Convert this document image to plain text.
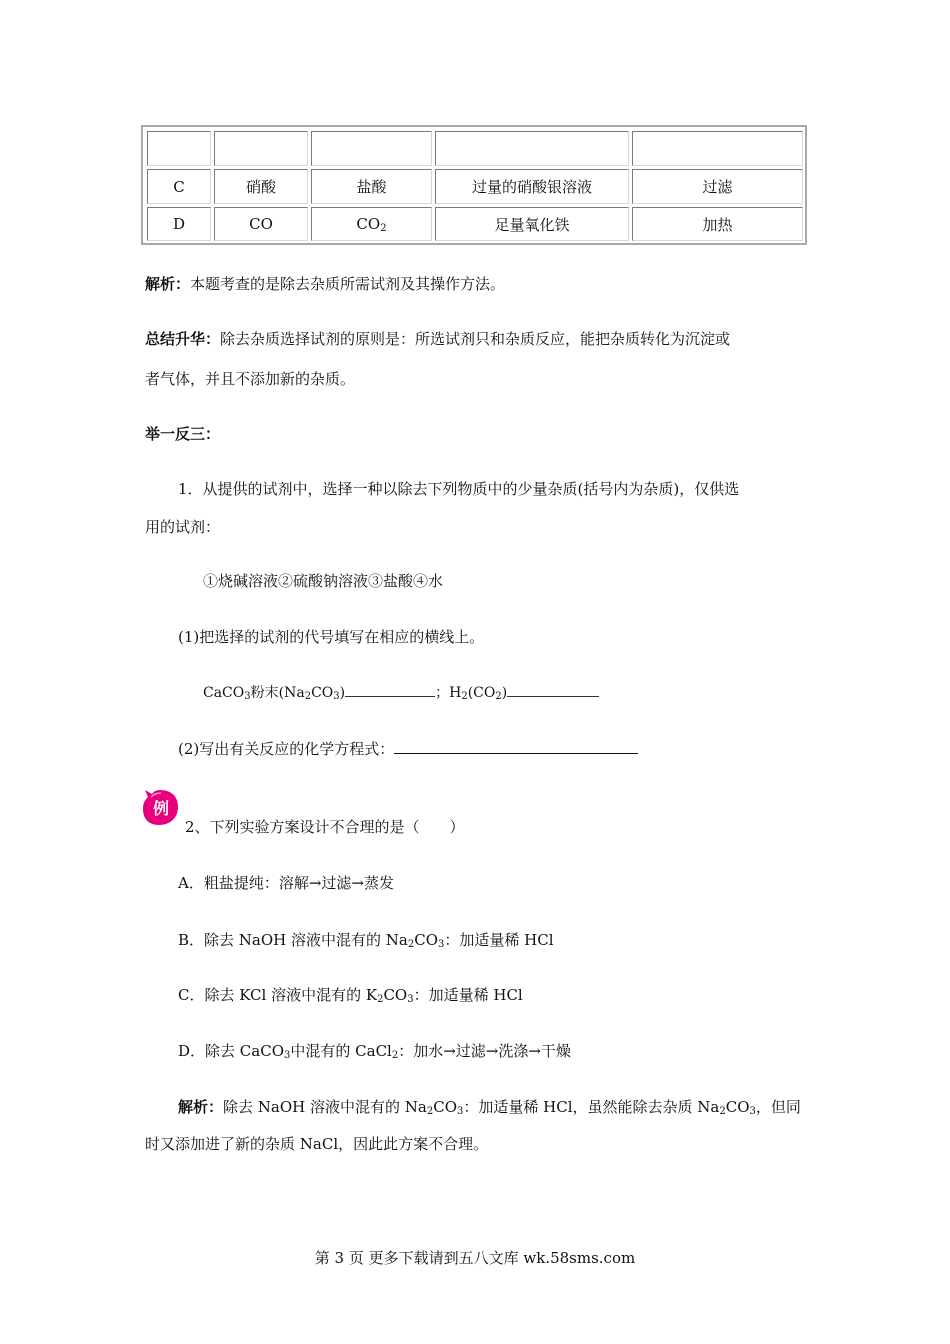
C	硝酸	盐酸	过量的硝酸银溶液	过滤
D	CO	$CO_2$	足量氧化铁	加热
解析：本题考查的是除去杂质所需试剂及其操作方法。
总结升华：除去杂质选择试剂的原则是：所选试剂只和杂质反应，能把杂质转化为沉淀或
者气体，并且不添加新的杂质。
举一反三：
1．从提供的试剂中，选择一种以除去下列物质中的少量杂质(括号内为杂质)，仅供选
用的试剂：
①烧碱溶液②硫酸钠溶液③盐酸④水
(1)把选择的试剂的代号填写在相应的横线上。
CaCO$_3$粉末$(Na_2CO_3)$	；$H_2(CO_2)$
(2)写出有关反应的化学方程式：
例
2、下列实验方案设计不合理的是（　　）
A．粗盐提纯：溶解→过滤→蒸发
B．除去 NaOH 溶液中混有的 $Na_2CO_3$：加适量稀 HCl
C．除去 KCl 溶液中混有的 $K_2CO_3$：加适量稀 HCl
D．除去 CaCO$_3$中混有的 CaCl$_2$：加水→过滤→洗涤→干燥
解析：除去 NaOH 溶液中混有的 $Na_2CO_3$：加适量稀 HCl，虽然能除去杂质 $Na_2CO_3$，但同
时又添加进了新的杂质 NaCl，因此此方案不合理。
第 3 页 更多下载请到五八文库 wk.58sms.com
